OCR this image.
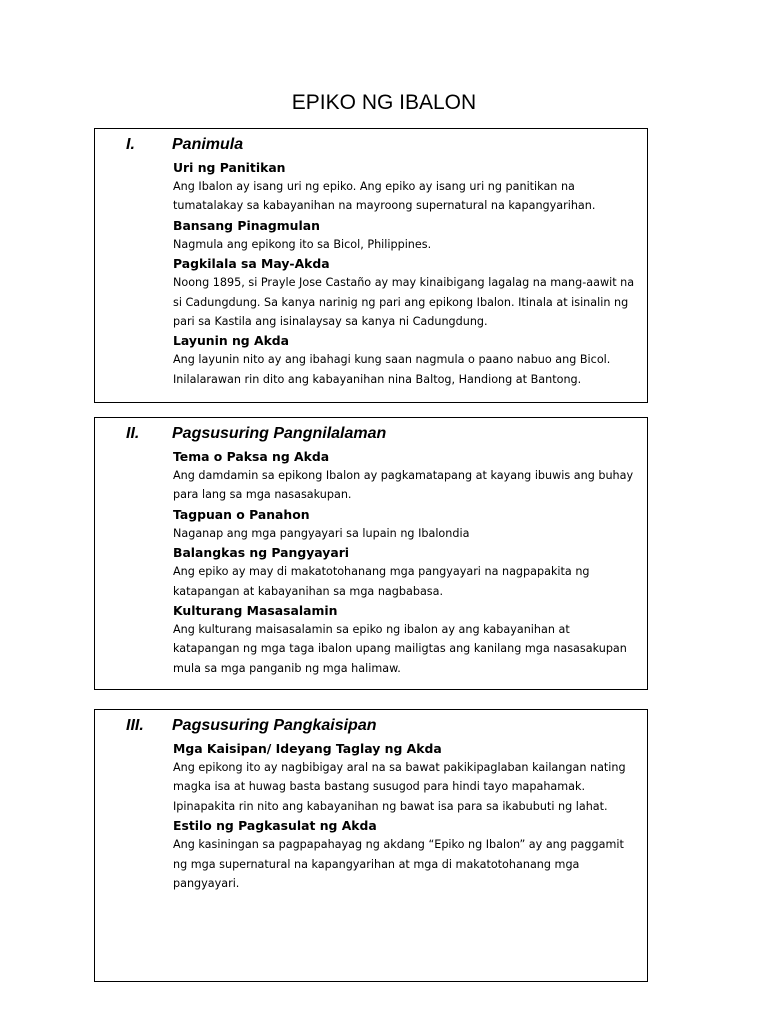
EPIKO NG IBALON
I. Panimula

Uri ng Panitikan

Ang Ibalon ay isang uri ng epiko. Ang epiko ay isang uri ng panitikan na
tumatalakay sa kabayanihan na mayroong supernatural na kapangyarihan.

Bansang Pinagmulan

Nagmula ang epikong ito sa Bicol, Philippines.

Pagkilala sa May-Akda

Noong 1895, si Prayle Jose Castaño ay may kinaibigang lagalag na mang-aawit na
si Cadungdung. Sa kanya narinig ng pari ang epikong Ibalon. Itinala at isinalin ng
pari sa Kastila ang isinalaysay sa kanya ni Cadungdung.

Layunin ng Akda

Ang layunin nito ay ang ibahagi kung saan nagmula o paano nabuo ang Bicol.
Inilalarawan rin dito ang kabayanihan nina Baltog, Handiong at Bantong.

II. Pagsusuring Pangnilalaman

Tema o Paksa ng Akda

Ang damdamin sa epikong Ibalon ay pagkamatapang at kayang ibuwis ang buhay
para lang sa mga nasasakupan.

Tagpuan o Panahon

Naganap ang mga pangyayari sa lupain ng Ibalondia

Balangkas ng Pangyayari

Ang epiko ay may di makatotohanang mga pangyayari na nagpapakita ng
katapangan at kabayanihan sa mga nagbabasa.

Kulturang Masasalamin

Ang kulturang maisasalamin sa epiko ng ibalon ay ang kabayanihan at
katapangan ng mga taga ibalon upang mailigtas ang kanilang mga nasasakupan
mula sa mga panganib ng mga halimaw.

III. Pagsusuring Pangkaisipan

Mga Kaisipan/ Ideyang Taglay ng Akda

Ang epikong ito ay nagbibigay aral na sa bawat pakikipaglaban kailangan nating
magka isa at huwag basta bastang susugod para hindi tayo mapahamak.
Ipinapakita rin nito ang kabayanihan ng bawat isa para sa ikabubuti ng lahat.

Estilo ng Pagkasulat ng Akda

Ang kasiningan sa pagpapahayag ng akdang “Epiko ng Ibalon” ay ang paggamit
ng mga supernatural na kapangyarihan at mga di makatotohanang mga
pangyayari.
